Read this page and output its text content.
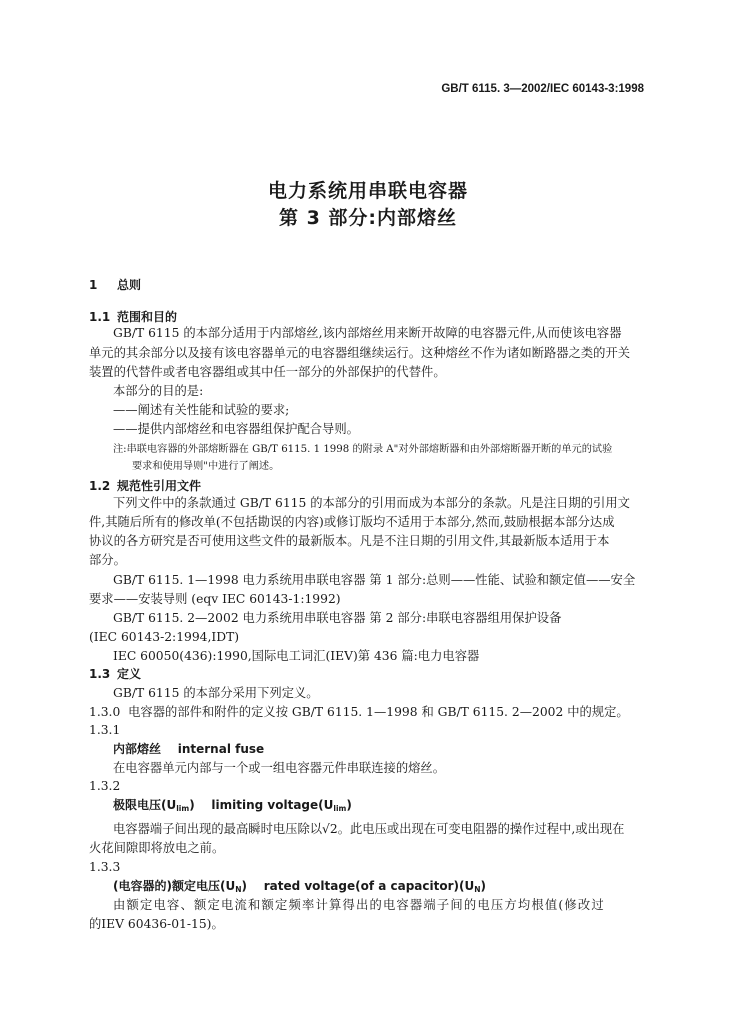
GB/T 6115. 3—2002/IEC 60143-3:1998
电力系统用串联电容器
第 3 部分:内部熔丝
1 总则
1.1 范围和目的
GB/T 6115 的本部分适用于内部熔丝,该内部熔丝用来断开故障的电容器元件,从而使该电容器
单元的其余部分以及接有该电容器单元的电容器组继续运行。这种熔丝不作为诸如断路器之类的开关
装置的代替件或者电容器组或其中任一部分的外部保护的代替件。
本部分的目的是:
——阐述有关性能和试验的要求;
——提供内部熔丝和电容器组保护配合导则。
注:串联电容器的外部熔断器在 GB/T 6115. 1 1998 的附录 A"对外部熔断器和由外部熔断器开断的单元的试验
要求和使用导则"中进行了阐述。
1.2 规范性引用文件
下列文件中的条款通过 GB/T 6115 的本部分的引用而成为本部分的条款。凡是注日期的引用文
件,其随后所有的修改单(不包括勘误的内容)或修订版均不适用于本部分,然而,鼓励根据本部分达成
协议的各方研究是否可使用这些文件的最新版本。凡是不注日期的引用文件,其最新版本适用于本
部分。
GB/T 6115. 1—1998 电力系统用串联电容器 第 1 部分:总则——性能、试验和额定值——安全
要求——安装导则 (eqv IEC 60143-1:1992)
GB/T 6115. 2—2002 电力系统用串联电容器 第 2 部分:串联电容器组用保护设备
(IEC 60143-2:1994,IDT)
IEC 60050(436):1990,国际电工词汇(IEV)第 436 篇:电力电容器
1.3 定义
GB/T 6115 的本部分采用下列定义。
1.3.0 电容器的部件和附件的定义按 GB/T 6115. 1—1998 和 GB/T 6115. 2—2002 中的规定。
1.3.1
内部熔丝 internal fuse
在电容器单元内部与一个或一组电容器元件串联连接的熔丝。
1.3.2
极限电压$(U_{lim})$ limiting $voltage(U_{lim})$
电容器端子间出现的最高瞬时电压除以√2。此电压或出现在可变电阻器的操作过程中,或出现在
火花间隙即将放电之前。
1.3.3
(电容器的)额定电压$(U_N)$ rated voltage(of a $capacitor)(U_N)$
由额定电容、额定电流和额定频率计算得出的电容器端子间的电压方均根值(修改过
的IEV 60436-01-15)。
